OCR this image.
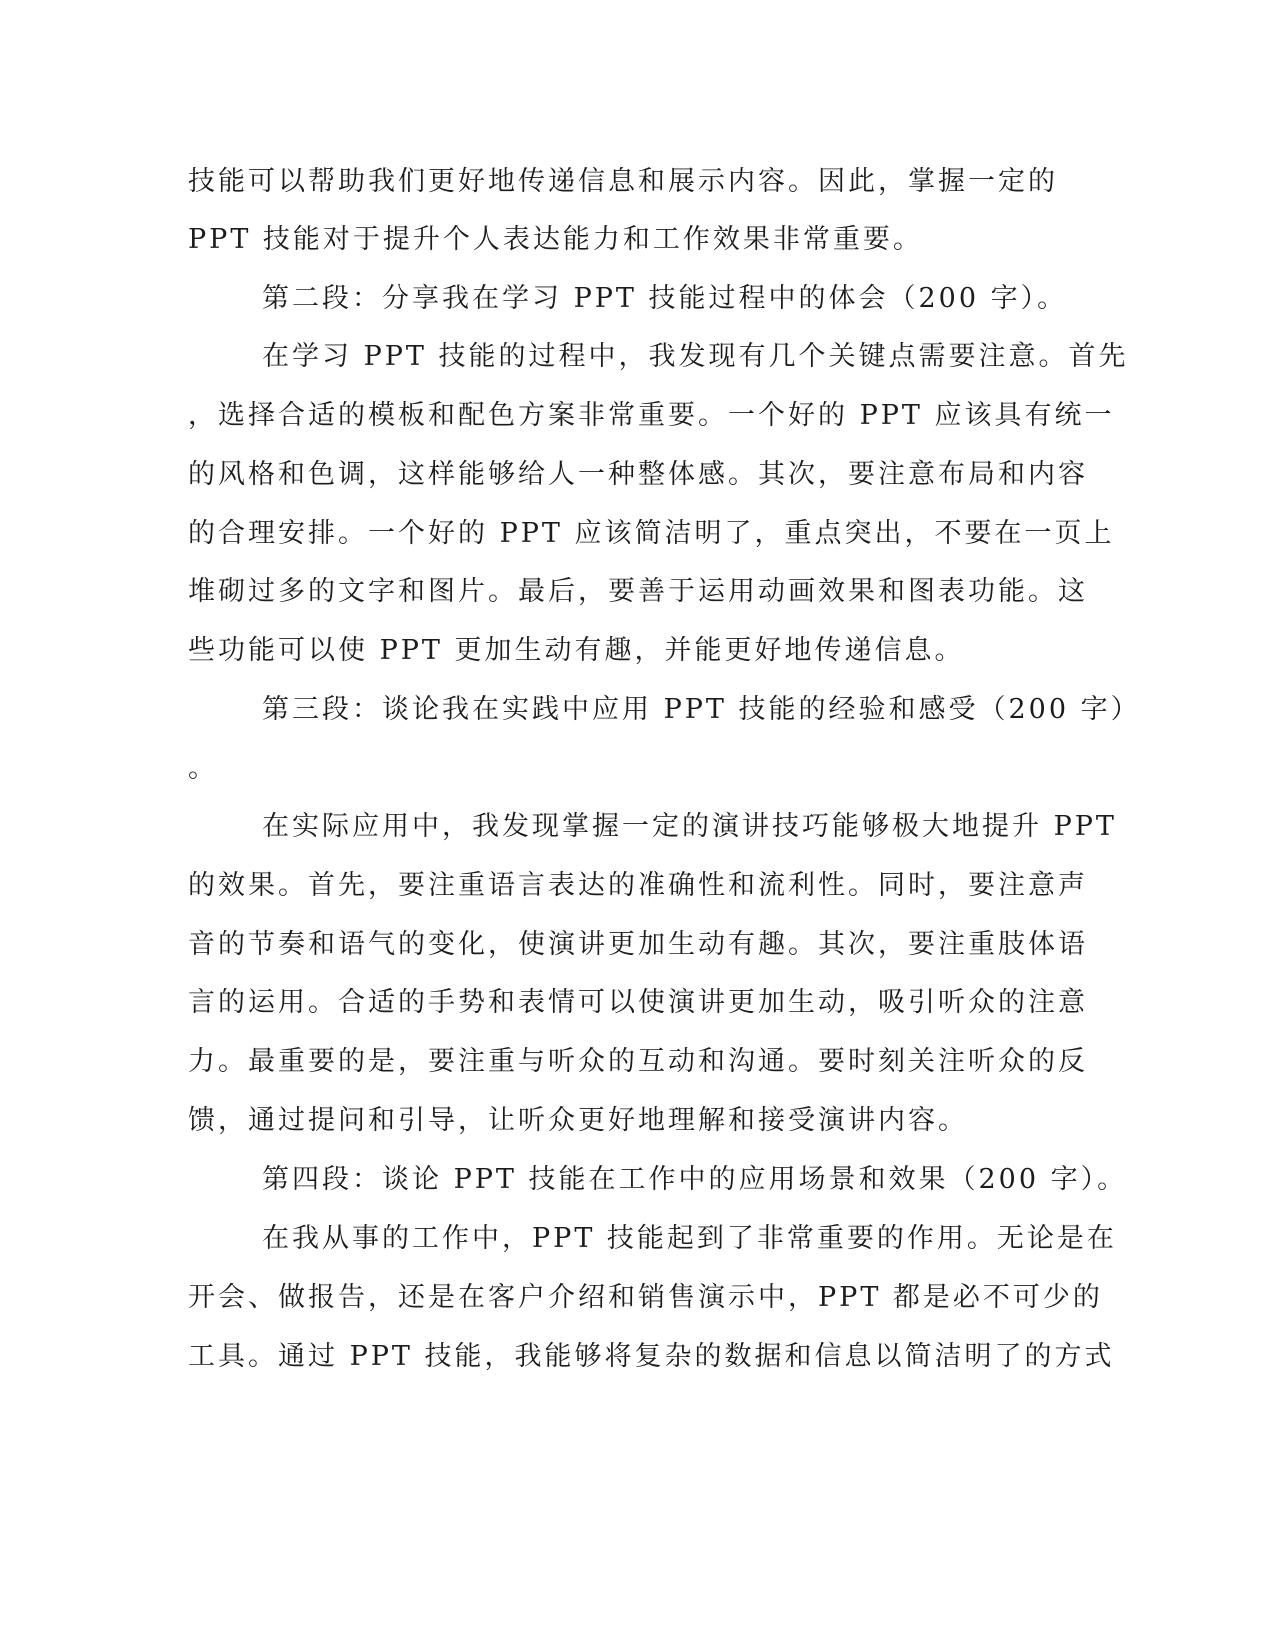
技能可以帮助我们更好地传递信息和展示内容。因此，掌握一定的
PPT 技能对于提升个人表达能力和工作效果非常重要。
第二段：分享我在学习 PPT 技能过程中的体会（200 字）。
在学习 PPT 技能的过程中，我发现有几个关键点需要注意。首先
，选择合适的模板和配色方案非常重要。一个好的 PPT 应该具有统一
的风格和色调，这样能够给人一种整体感。其次，要注意布局和内容
的合理安排。一个好的 PPT 应该简洁明了，重点突出，不要在一页上
堆砌过多的文字和图片。最后，要善于运用动画效果和图表功能。这
些功能可以使 PPT 更加生动有趣，并能更好地传递信息。
第三段：谈论我在实践中应用 PPT 技能的经验和感受（200 字）
。
在实际应用中，我发现掌握一定的演讲技巧能够极大地提升 PPT
的效果。首先，要注重语言表达的准确性和流利性。同时，要注意声
音的节奏和语气的变化，使演讲更加生动有趣。其次，要注重肢体语
言的运用。合适的手势和表情可以使演讲更加生动，吸引听众的注意
力。最重要的是，要注重与听众的互动和沟通。要时刻关注听众的反
馈，通过提问和引导，让听众更好地理解和接受演讲内容。
第四段：谈论 PPT 技能在工作中的应用场景和效果（200 字）。
在我从事的工作中，PPT 技能起到了非常重要的作用。无论是在
开会、做报告，还是在客户介绍和销售演示中，PPT 都是必不可少的
工具。通过 PPT 技能，我能够将复杂的数据和信息以简洁明了的方式
